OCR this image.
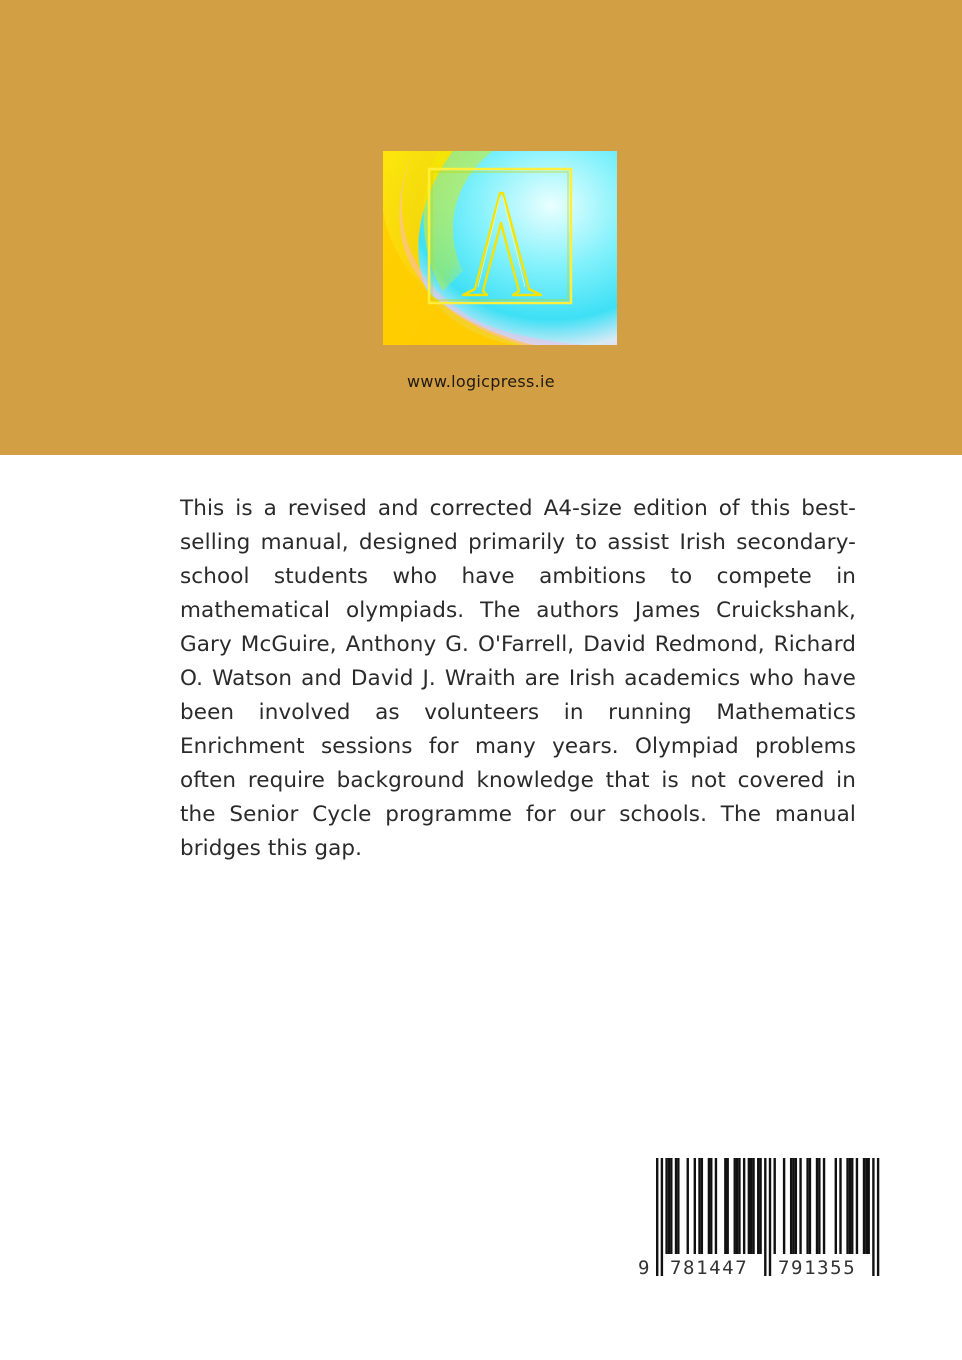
www.logicpress.ie

This is a revised and corrected A4-size edition of this best-selling manual, designed primarily to assist Irish secondary-school students who have ambitions to compete in mathematical olympiads. The authors James Cruickshank, Gary McGuire, Anthony G. O'Farrell, David Redmond, Richard O. Watson and David J. Wraith are Irish academics who have been involved as volunteers in running Mathematics Enrichment sessions for many years. Olympiad problems often require background knowledge that is not covered in the Senior Cycle programme for our schools. The manual bridges this gap.

9 781447 791355
